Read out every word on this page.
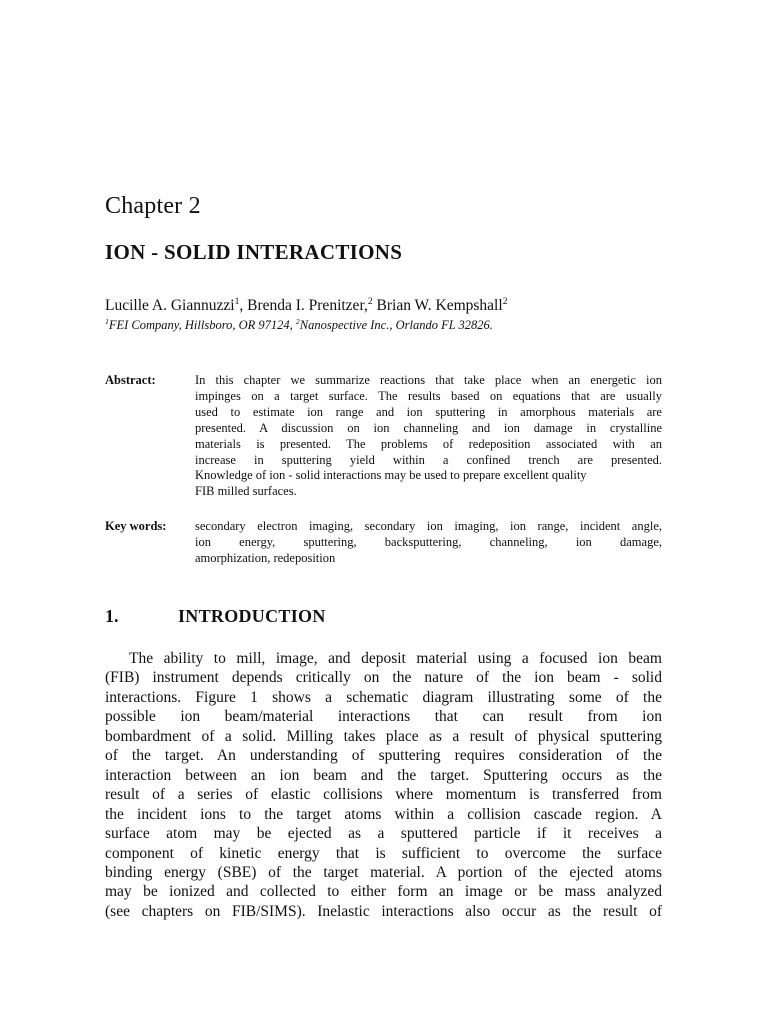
Chapter 2
ION - SOLID INTERACTIONS
Lucille A. Giannuzzi$^1$, Brenda I. Prenitzer,$^2$ Brian W. Kempshall$^2$
$^1$FEI Company, Hillsboro, OR 97124, $^2$Nanospective Inc., Orlando FL 32826.
Abstract:	In this chapter we summarize reactions that take place when an energetic ion
impinges on a target surface. The results based on equations that are usually
used to estimate ion range and ion sputtering in amorphous materials are
presented. A discussion on ion channeling and ion damage in crystalline
materials is presented. The problems of redeposition associated with an
increase in sputtering yield within a confined trench are presented.
Knowledge of ion - solid interactions may be used to prepare excellent quality
FIB milled surfaces.
Key words: secondary electron imaging, secondary ion imaging, ion range, incident angle,
ion energy, sputtering, backsputtering, channeling, ion damage,
amorphization, redeposition
1.	INTRODUCTION
The ability to mill, image, and deposit material using a focused ion beam
(FIB) instrument depends critically on the nature of the ion beam - solid
interactions. Figure 1 shows a schematic diagram illustrating some of the
possible ion beam/material interactions that can result from ion
bombardment of a solid. Milling takes place as a result of physical sputtering
of the target. An understanding of sputtering requires consideration of the
interaction between an ion beam and the target. Sputtering occurs as the
result of a series of elastic collisions where momentum is transferred from
the incident ions to the target atoms within a collision cascade region. A
surface atom may be ejected as a sputtered particle if it receives a
component of kinetic energy that is sufficient to overcome the surface
binding energy (SBE) of the target material. A portion of the ejected atoms
may be ionized and collected to either form an image or be mass analyzed
(see chapters on FIB/SIMS). Inelastic interactions also occur as the result of
